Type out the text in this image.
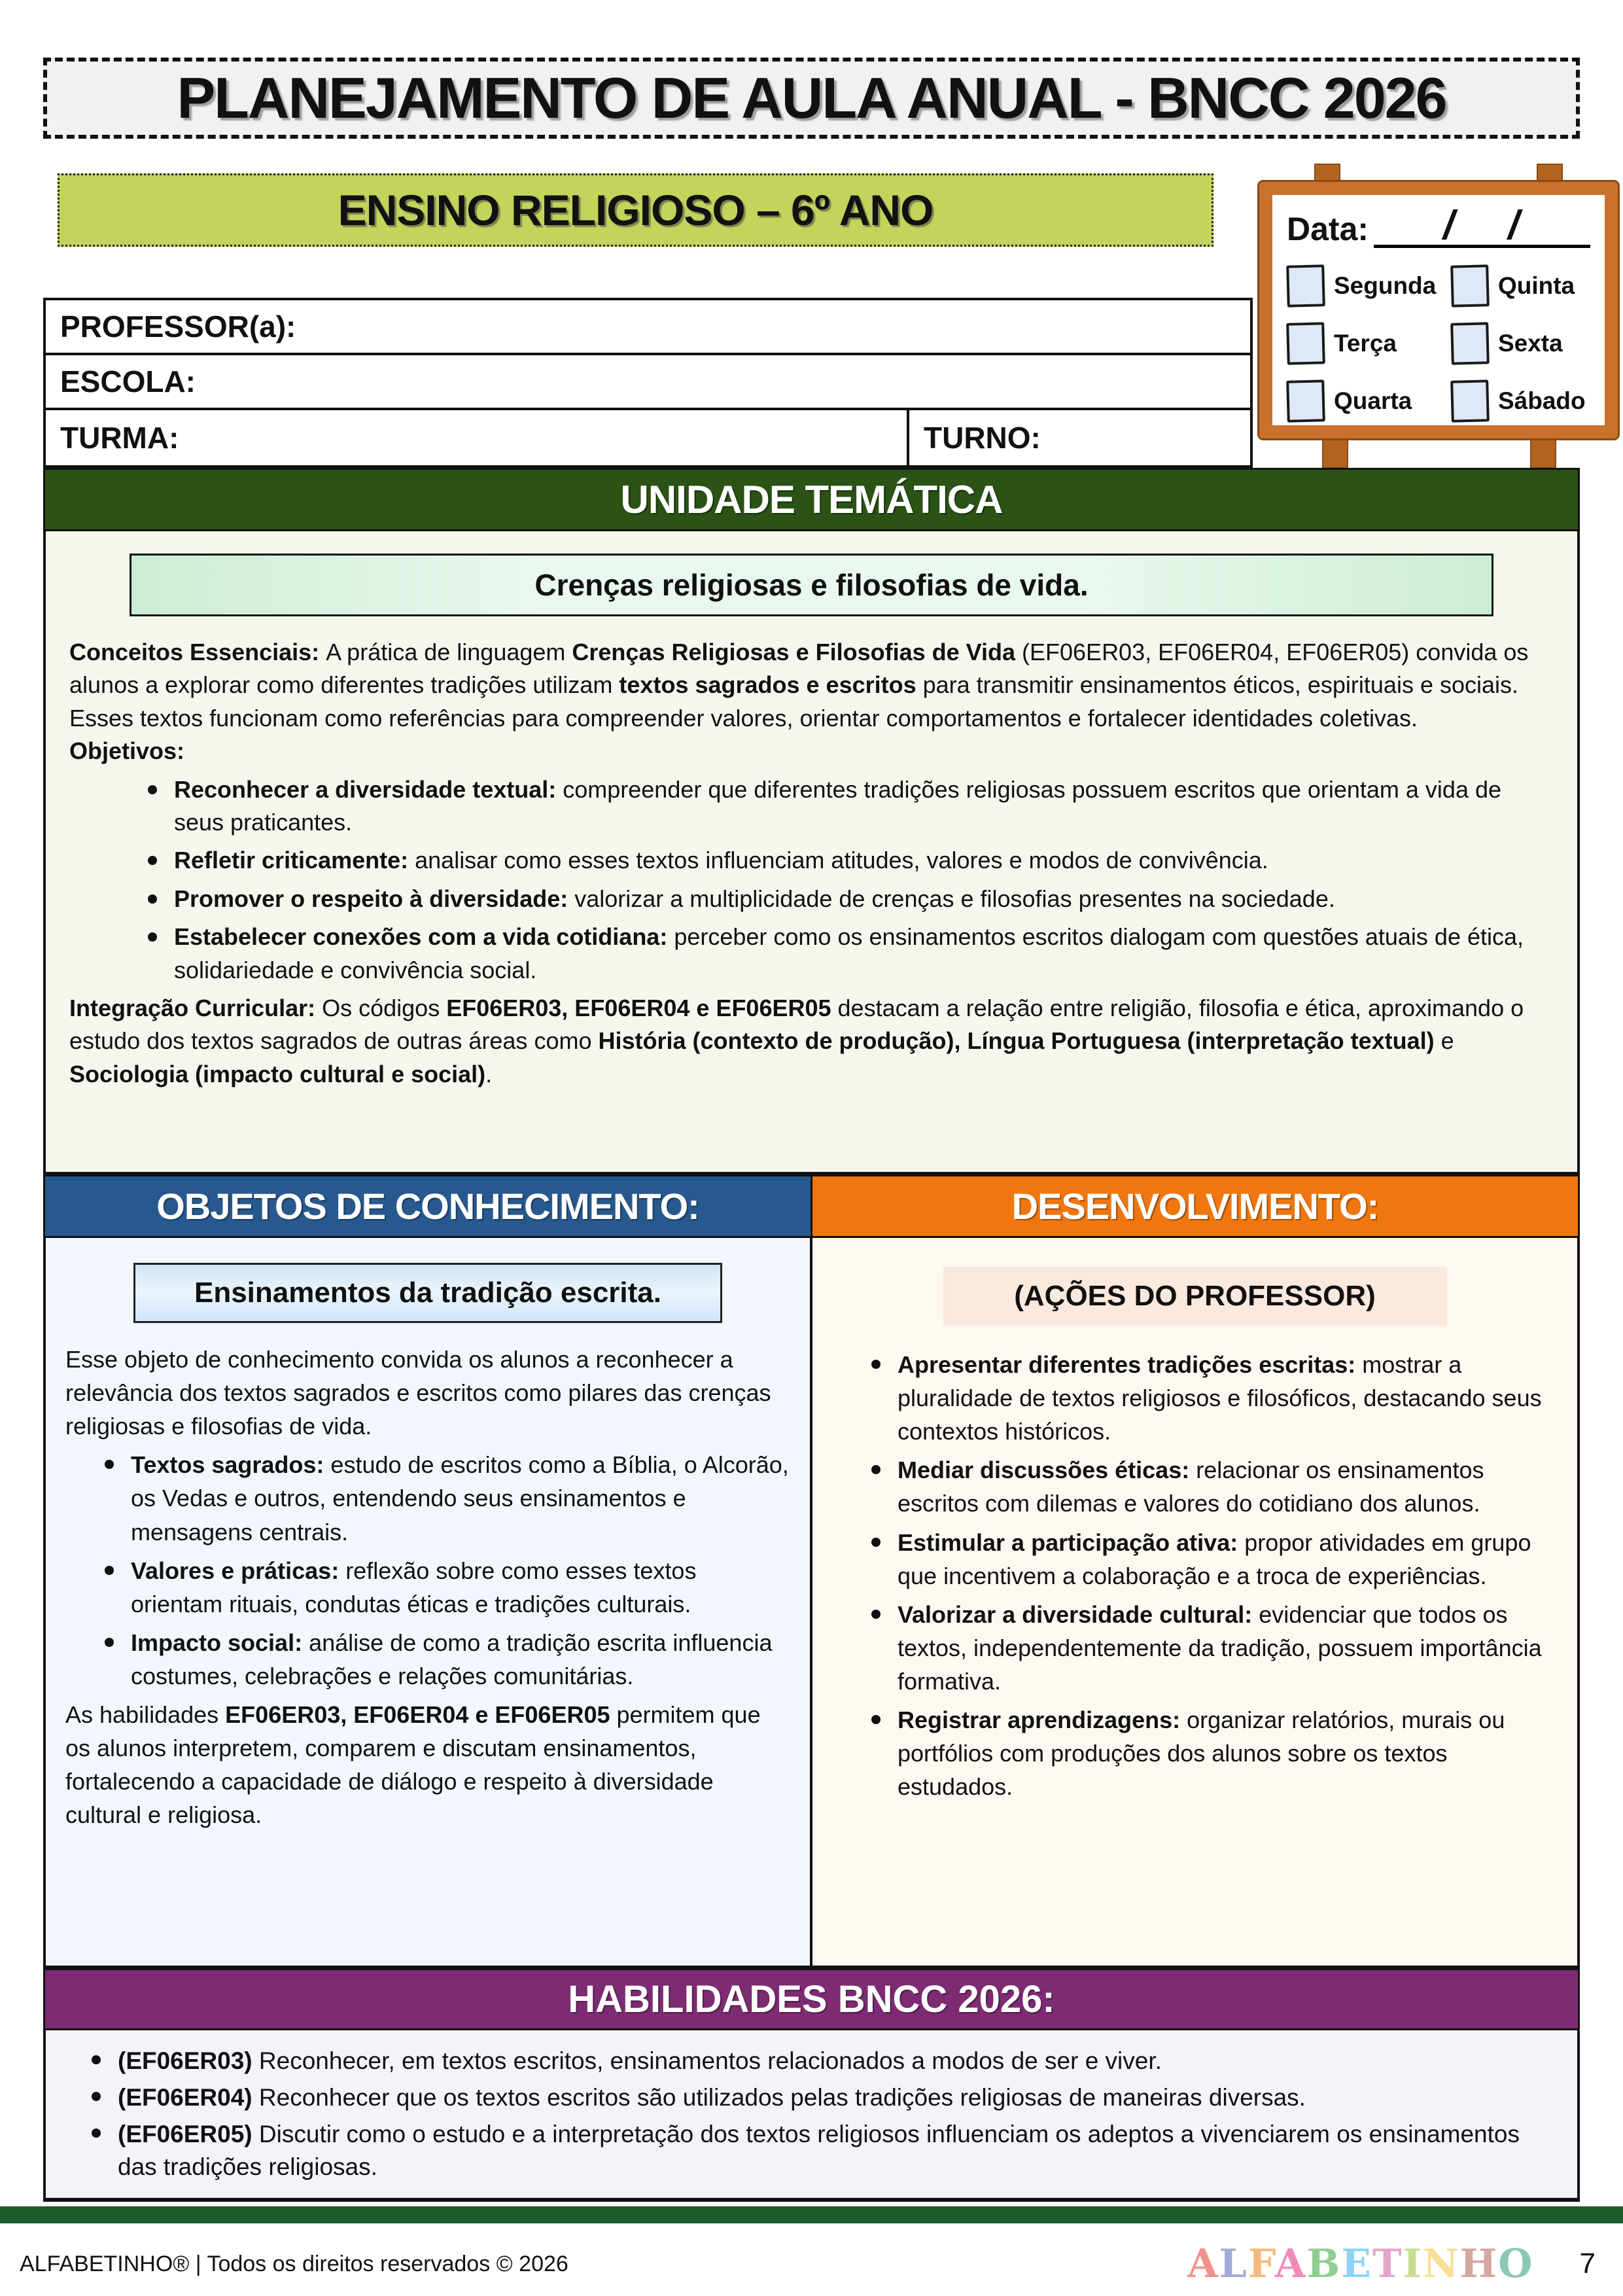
PLANEJAMENTO DE AULA ANUAL - BNCC 2026
ENSINO RELIGIOSO – 6º ANO
PROFESSOR(a):
ESCOLA:
TURMA:	TURNO:
Data: / /
Segunda	Quinta
Terça	Sexta
Quarta	Sábado
UNIDADE TEMÁTICA
Crenças religiosas e filosofias de vida.
Conceitos Essenciais: A prática de linguagem Crenças Religiosas e Filosofias de Vida (EF06ER03, EF06ER04, EF06ER05) convida os alunos a explorar como diferentes tradições utilizam textos sagrados e escritos para transmitir ensinamentos éticos, espirituais e sociais. Esses textos funcionam como referências para compreender valores, orientar comportamentos e fortalecer identidades coletivas.
Objetivos:
Reconhecer a diversidade textual: compreender que diferentes tradições religiosas possuem escritos que orientam a vida de seus praticantes.
Refletir criticamente: analisar como esses textos influenciam atitudes, valores e modos de convivência.
Promover o respeito à diversidade: valorizar a multiplicidade de crenças e filosofias presentes na sociedade.
Estabelecer conexões com a vida cotidiana: perceber como os ensinamentos escritos dialogam com questões atuais de ética, solidariedade e convivência social.
Integração Curricular: Os códigos EF06ER03, EF06ER04 e EF06ER05 destacam a relação entre religião, filosofia e ética, aproximando o estudo dos textos sagrados de outras áreas como História (contexto de produção), Língua Portuguesa (interpretação textual) e Sociologia (impacto cultural e social).
OBJETOS DE CONHECIMENTO:
Ensinamentos da tradição escrita.
Esse objeto de conhecimento convida os alunos a reconhecer a relevância dos textos sagrados e escritos como pilares das crenças religiosas e filosofias de vida.
Textos sagrados: estudo de escritos como a Bíblia, o Alcorão, os Vedas e outros, entendendo seus ensinamentos e mensagens centrais.
Valores e práticas: reflexão sobre como esses textos orientam rituais, condutas éticas e tradições culturais.
Impacto social: análise de como a tradição escrita influencia costumes, celebrações e relações comunitárias.
As habilidades EF06ER03, EF06ER04 e EF06ER05 permitem que os alunos interpretem, comparem e discutam ensinamentos, fortalecendo a capacidade de diálogo e respeito à diversidade cultural e religiosa.
DESENVOLVIMENTO:
(AÇÕES DO PROFESSOR)
Apresentar diferentes tradições escritas: mostrar a pluralidade de textos religiosos e filosóficos, destacando seus contextos históricos.
Mediar discussões éticas: relacionar os ensinamentos escritos com dilemas e valores do cotidiano dos alunos.
Estimular a participação ativa: propor atividades em grupo que incentivem a colaboração e a troca de experiências.
Valorizar a diversidade cultural: evidenciar que todos os textos, independentemente da tradição, possuem importância formativa.
Registrar aprendizagens: organizar relatórios, murais ou portfólios com produções dos alunos sobre os textos estudados.
HABILIDADES BNCC 2026:
(EF06ER03) Reconhecer, em textos escritos, ensinamentos relacionados a modos de ser e viver.
(EF06ER04) Reconhecer que os textos escritos são utilizados pelas tradições religiosas de maneiras diversas.
(EF06ER05) Discutir como o estudo e a interpretação dos textos religiosos influenciam os adeptos a vivenciarem os ensinamentos das tradições religiosas.
ALFABETINHO® | Todos os direitos reservados © 2026	ALFABETINHO 7
